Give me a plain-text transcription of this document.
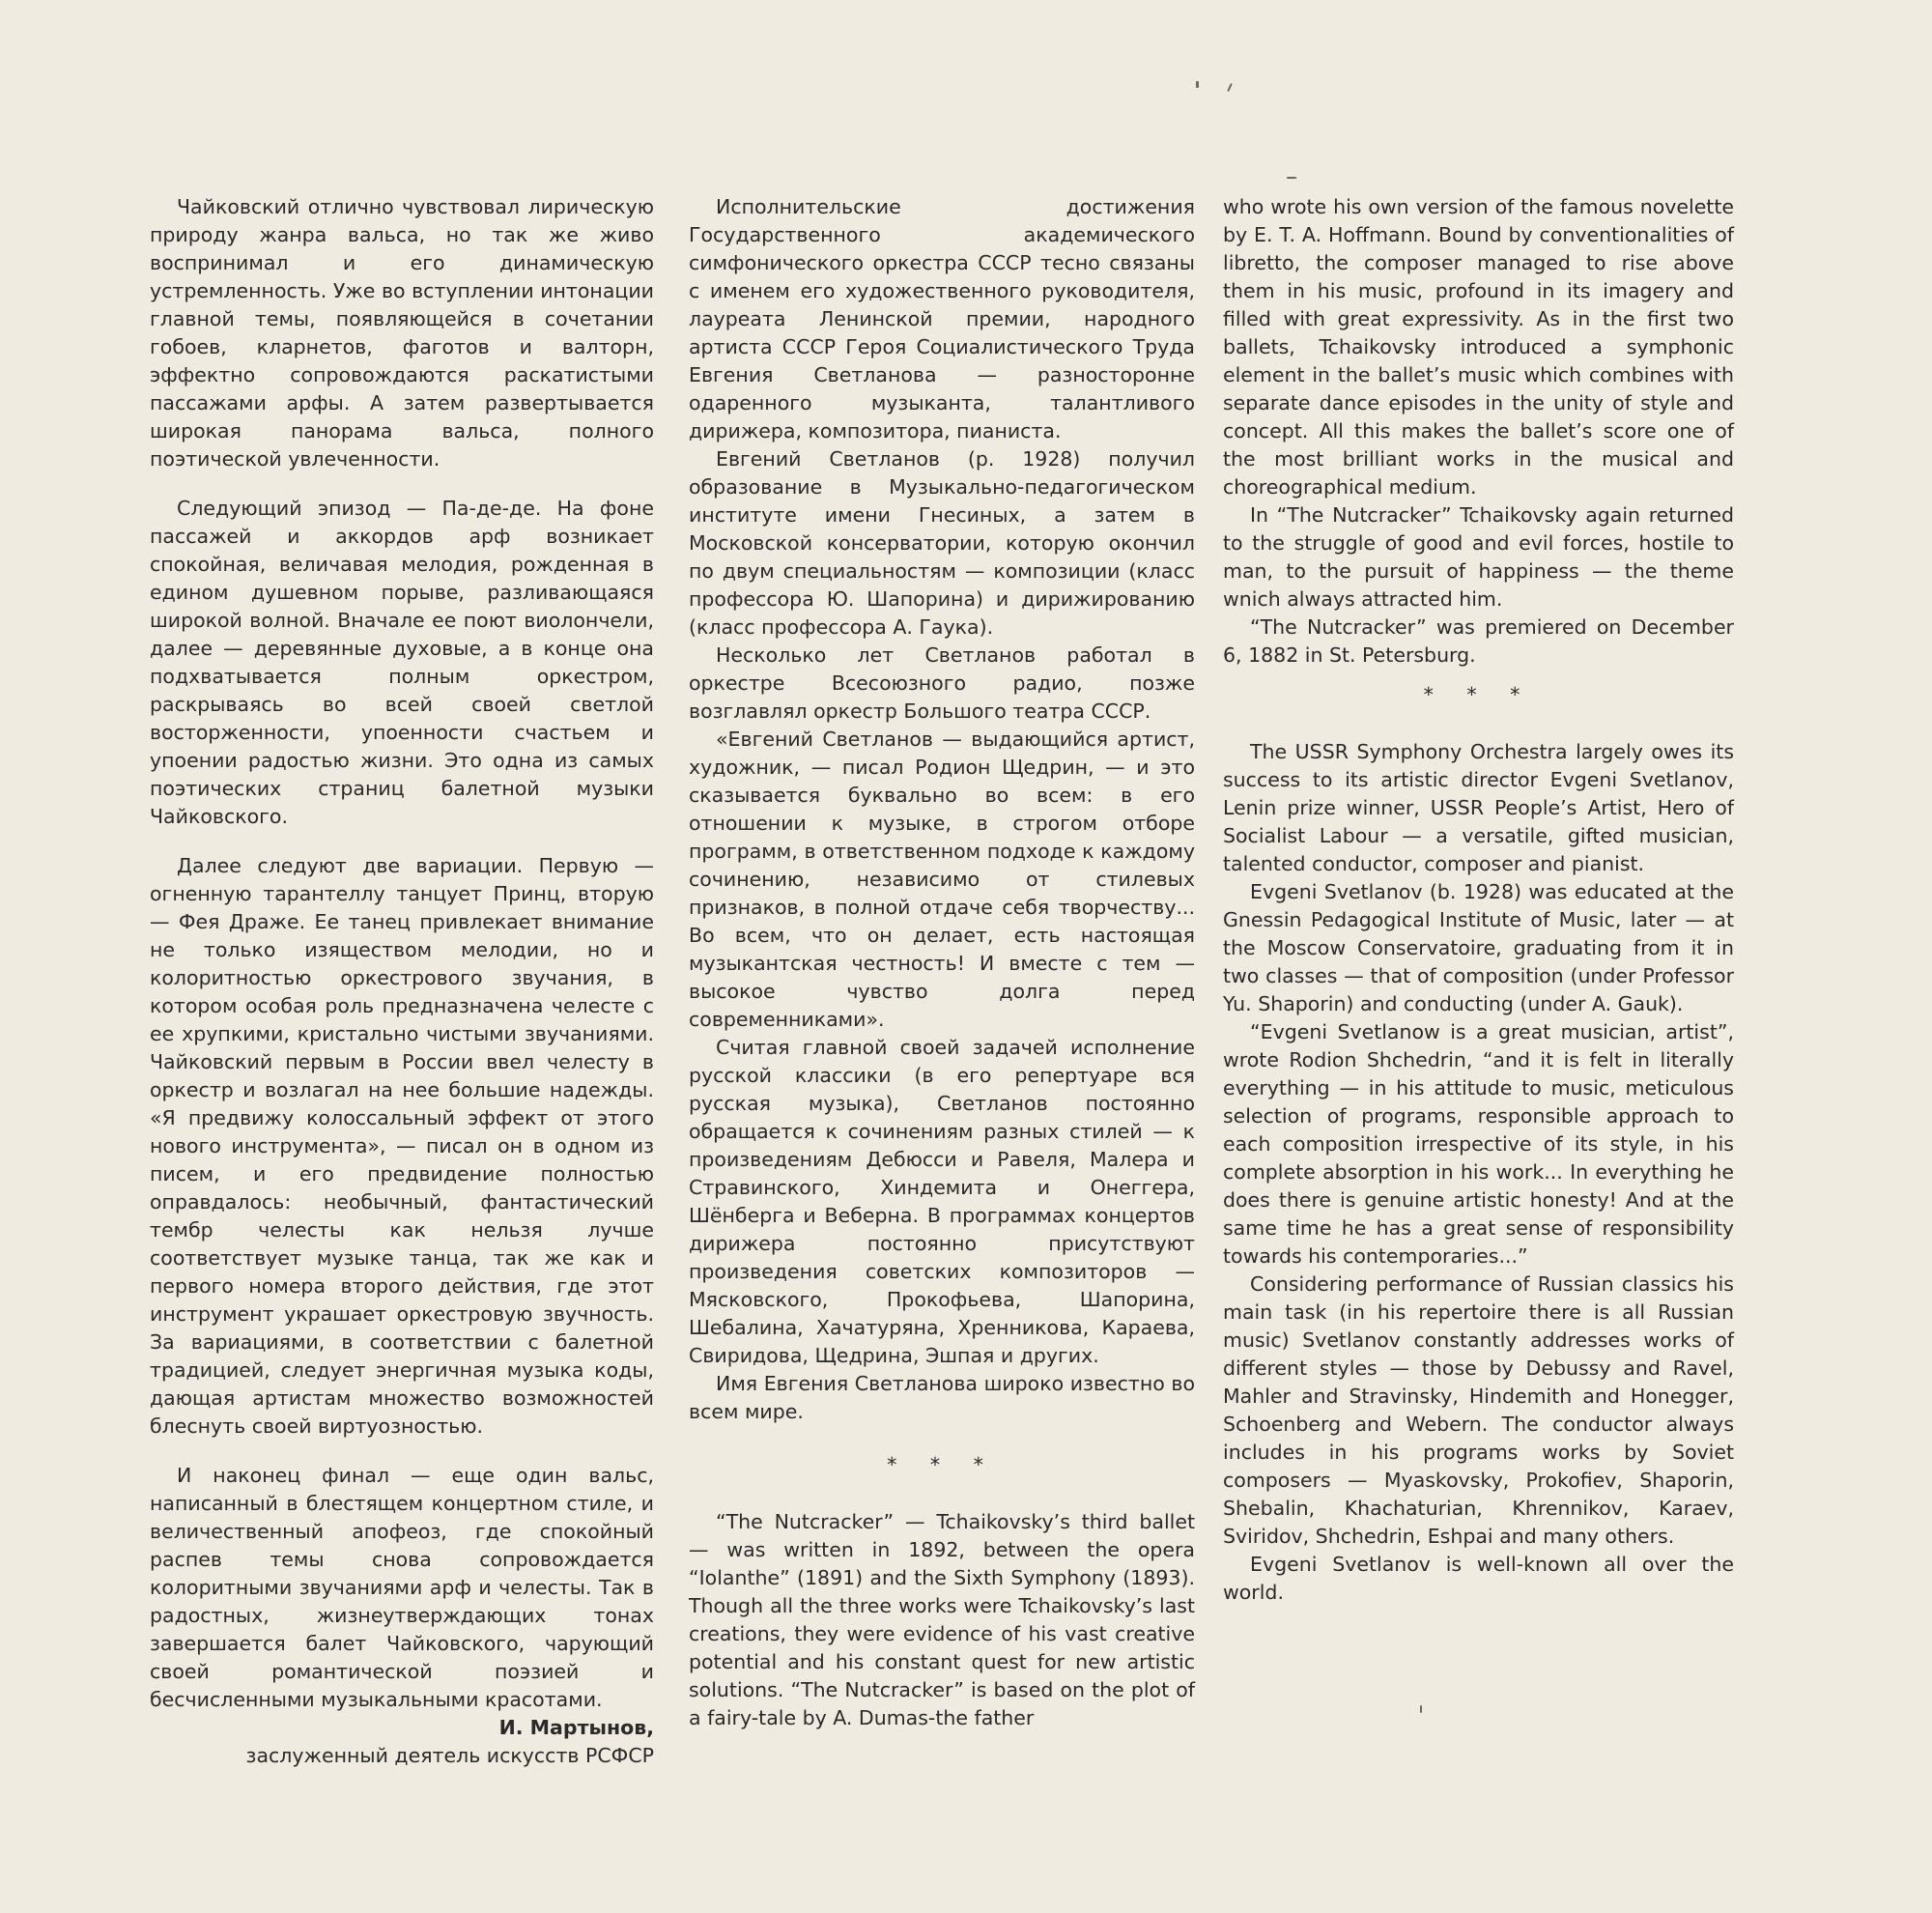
Чайковский отлично чувствовал лирическую природу жанра вальса, но так же живо воспринимал и его динамическую устремленность. Уже во вступлении интонации главной темы, появляющейся в сочетании гобоев, кларнетов, фаготов и валторн, эффектно сопровождаются раскатистыми пассажами арфы. А затем развертывается широкая панорама вальса, полного поэтической увлеченности.

Следующий эпизод — Па-де-де. На фоне пассажей и аккордов арф возникает спокойная, величавая мелодия, рожденная в едином душевном порыве, разливающаяся широкой волной. Вначале ее поют виолончели, далее — деревянные духовые, а в конце она подхватывается полным оркестром, раскрываясь во всей своей светлой восторженности, упоенности счастьем и упоении радостью жизни. Это одна из самых поэтических страниц балетной музыки Чайковского.

Далее следуют две вариации. Первую — огненную тарантеллу танцует Принц, вторую — Фея Драже. Ее танец привлекает внимание не только изяществом мелодии, но и колоритностью оркестрового звучания, в котором особая роль предназначена челесте с ее хрупкими, кристально чистыми звучаниями. Чайковский первым в России ввел челесту в оркестр и возлагал на нее большие надежды. «Я предвижу колоссальный эффект от этого нового инструмента», — писал он в одном из писем, и его предвидение полностью оправдалось: необычный, фантастический тембр челесты как нельзя лучше соответствует музыке танца, так же как и первого номера второго действия, где этот инструмент украшает оркестровую звучность. За вариациями, в соответствии с балетной традицией, следует энергичная музыка коды, дающая артистам множество возможностей блеснуть своей виртуозностью.

И наконец финал — еще один вальс, написанный в блестящем концертном стиле, и величественный апофеоз, где спокойный распев темы снова сопровождается колоритными звучаниями арф и челесты. Так в радостных, жизнеутверждающих тонах завершается балет Чайковского, чарующий своей романтической поэзией и бесчисленными музыкальными красотами.

И. Мартынов,

заслуженный деятель искусств РСФСР

Исполнительские достижения Государственного академического симфонического оркестра СССР тесно связаны с именем его художественного руководителя, лауреата Ленинской премии, народного артиста СССР Героя Социалистического Труда Евгения Светланова — разносторонне одаренного музыканта, талантливого дирижера, композитора, пианиста.

Евгений Светланов (р. 1928) получил образование в Музыкально-педагогическом институте имени Гнесиных, а затем в Московской консерватории, которую окончил по двум специальностям — композиции (класс профессора Ю. Шапорина) и дирижированию (класс профессора А. Гаука).

Несколько лет Светланов работал в оркестре Всесоюзного радио, позже возглавлял оркестр Большого театра СССР.

«Евгений Светланов — выдающийся артист, художник, — писал Родион Щедрин, — и это сказывается буквально во всем: в его отношении к музыке, в строгом отборе программ, в ответственном подходе к каждому сочинению, независимо от стилевых признаков, в полной отдаче себя творчеству... Во всем, что он делает, есть настоящая музыкантская честность! И вместе с тем — высокое чувство долга перед современниками».

Считая главной своей задачей исполнение русской классики (в его репертуаре вся русская музыка), Светланов постоянно обращается к сочинениям разных стилей — к произведениям Дебюсси и Равеля, Малера и Стравинского, Хиндемита и Онеггера, Шёнберга и Веберна. В программах концертов дирижера постоянно присутствуют произведения советских композиторов — Мясковского, Прокофьева, Шапорина, Шебалина, Хачатуряна, Хренникова, Караева, Свиридова, Щедрина, Эшпая и других.

Имя Евгения Светланова широко известно во всем мире.

* * *

“The Nutcracker” — Tchaikovsky’s third ballet — was written in 1892, between the opera “Iolanthe” (1891) and the Sixth Symphony (1893). Though all the three works were Tchaikovsky’s last creations, they were evidence of his vast creative potential and his constant quest for new artistic solutions. “The Nutcracker” is based on the plot of a fairy-tale by A. Dumas-the father

who wrote his own version of the famous novelette by E. T. A. Hoffmann. Bound by conventionalities of libretto, the composer managed to rise above them in his music, profound in its imagery and filled with great expressivity. As in the first two ballets, Tchaikovsky introduced a symphonic element in the ballet’s music which combines with separate dance episodes in the unity of style and concept. All this makes the ballet’s score one of the most brilliant works in the musical and choreographical medium.

In “The Nutcracker” Tchaikovsky again returned to the struggle of good and evil forces, hostile to man, to the pursuit of happiness — the theme wnich always attracted him.

“The Nutcracker” was premiered on December 6, 1882 in St. Petersburg.

* * *

The USSR Symphony Orchestra largely owes its success to its artistic director Evgeni Svetlanov, Lenin prize winner, USSR People’s Artist, Hero of Socialist Labour — a versatile, gifted musician, talented conductor, composer and pianist.

Evgeni Svetlanov (b. 1928) was educated at the Gnessin Pedagogical Institute of Music, later — at the Moscow Conservatoire, graduating from it in two classes — that of composition (under Professor Yu. Shaporin) and conducting (under A. Gauk).

“Evgeni Svetlanow is a great musician, artist”, wrote Rodion Shchedrin, “and it is felt in literally everything — in his attitude to music, meticulous selection of programs, responsible approach to each composition irrespective of its style, in his complete absorption in his work... In everything he does there is genuine artistic honesty! And at the same time he has a great sense of responsibility towards his contemporaries...”

Considering performance of Russian classics his main task (in his repertoire there is all Russian music) Svetlanov constantly addresses works of different styles — those by Debussy and Ravel, Mahler and Stravinsky, Hindemith and Honegger, Schoenberg and Webern. The conductor always includes in his programs works by Soviet composers — Myaskovsky, Prokofiev, Shaporin, Shebalin, Khachaturian, Khrennikov, Karaev, Sviridov, Shchedrin, Eshpai and many others.

Evgeni Svetlanov is well-known all over the world.
